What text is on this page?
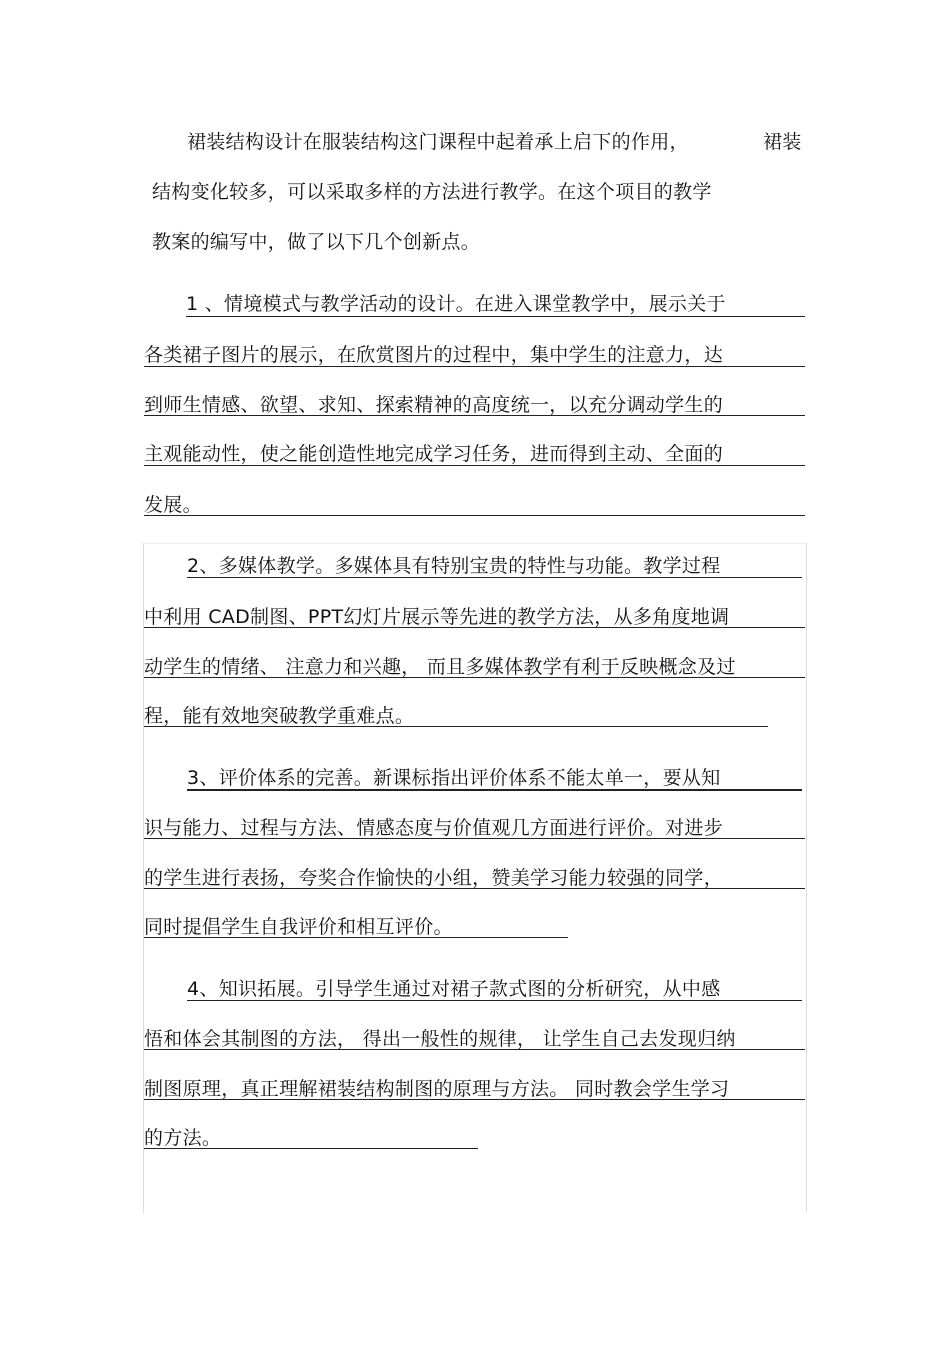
裙装结构设计在服装结构这门课程中起着承上启下的作用，	裙装
结构变化较多，可以采取多样的方法进行教学。在这个项目的教学
教案的编写中，做了以下几个创新点。
1 、情境模式与教学活动的设计。在进入课堂教学中，展示关于
各类裙子图片的展示，在欣赏图片的过程中，集中学生的注意力，达
到师生情感、欲望、求知、探索精神的高度统一，以充分调动学生的
主观能动性，使之能创造性地完成学习任务，进而得到主动、全面的
发展。
2、多媒体教学。多媒体具有特别宝贵的特性与功能。教学过程
中利用 CAD制图、PPT幻灯片展示等先进的教学方法，从多角度地调
动学生的情绪、 注意力和兴趣， 而且多媒体教学有利于反映概念及过
程，能有效地突破教学重难点。
3、评价体系的完善。新课标指出评价体系不能太单一，要从知
识与能力、过程与方法、情感态度与价值观几方面进行评价。对进步
的学生进行表扬，夸奖合作愉快的小组，赞美学习能力较强的同学，
同时提倡学生自我评价和相互评价。
4、知识拓展。引导学生通过对裙子款式图的分析研究，从中感
悟和体会其制图的方法， 得出一般性的规律， 让学生自己去发现归纳
制图原理，真正理解裙装结构制图的原理与方法。 同时教会学生学习
的方法。
